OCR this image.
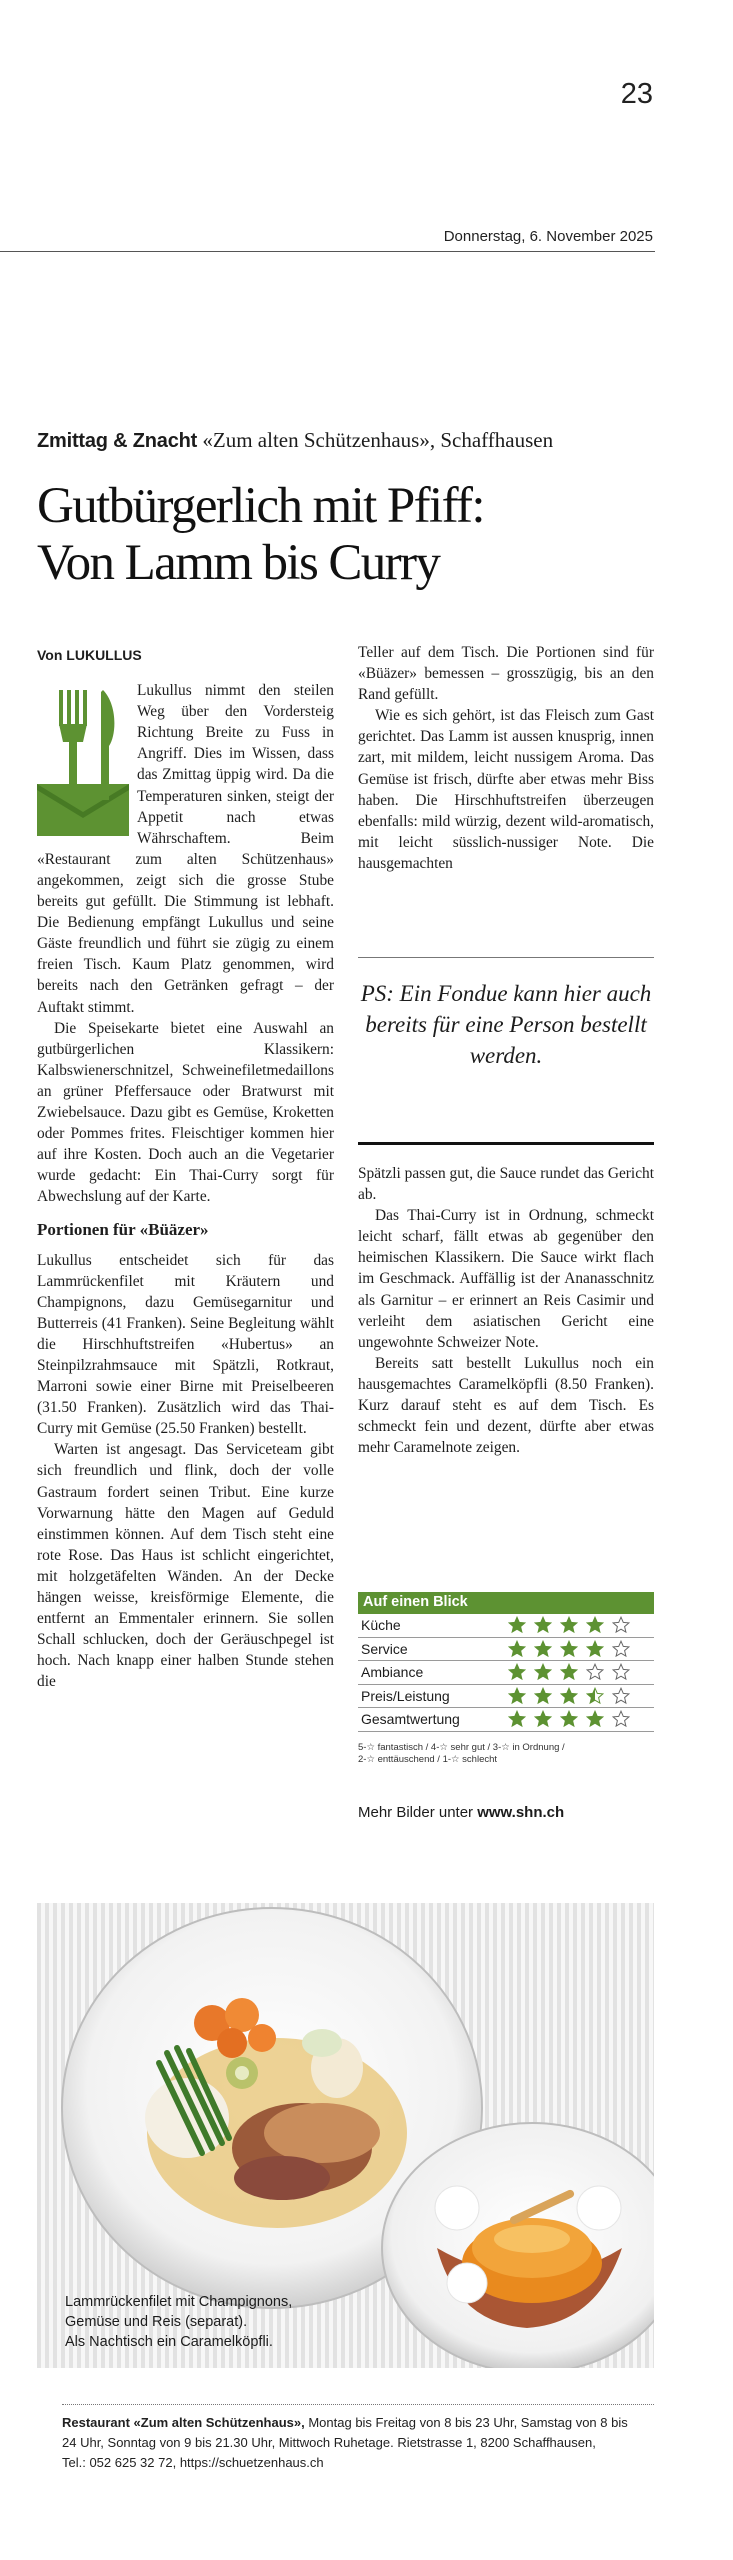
23
Donnerstag, 6. November 2025
Zmittag & Znacht «Zum alten Schützenhaus», Schaffhausen
Gutbürgerlich mit Pfiff:
Von Lamm bis Curry
Von LUKULLUS

Lukullus nimmt den steilen Weg über den Vordersteig Richtung Breite zu Fuss in Angriff. Dies im Wissen, dass das Zmittag üppig wird. Da die Temperaturen sinken, steigt der Appetit nach etwas Währschaftem. Beim «Restaurant zum alten Schützenhaus» angekommen, zeigt sich die grosse Stube bereits gut gefüllt. Die Stimmung ist lebhaft. Die Bedienung empfängt Lukullus und seine Gäste freundlich und führt sie zügig zu einem freien Tisch. Kaum Platz genommen, wird bereits nach den Getränken gefragt – der Auftakt stimmt.

Die Speisekarte bietet eine Auswahl an gutbürgerlichen Klassikern: Kalbswienerschnitzel, Schweinefiletmedaillons an grüner Pfeffersauce oder Bratwurst mit Zwiebelsauce. Dazu gibt es Gemüse, Kroketten oder Pommes frites. Fleischtiger kommen hier auf ihre Kosten. Doch auch an die Vegetarier wurde gedacht: Ein Thai-Curry sorgt für Abwechslung auf der Karte.

Portionen für «Büäzer»

Lukullus entscheidet sich für das Lammrückenfilet mit Kräutern und Champignons, dazu Gemüsegarnitur und Butterreis (41 Franken). Seine Begleitung wählt die Hirschhuftstreifen «Hubertus» an Steinpilzrahmsauce mit Spätzli, Rotkraut, Marroni sowie einer Birne mit Preiselbeeren (31.50 Franken). Zusätzlich wird das Thai-Curry mit Gemüse (25.50 Franken) bestellt.

Warten ist angesagt. Das Serviceteam gibt sich freundlich und flink, doch der volle Gastraum fordert seinen Tribut. Eine kurze Vorwarnung hätte den Magen auf Geduld einstimmen können. Auf dem Tisch steht eine rote Rose. Das Haus ist schlicht eingerichtet, mit holzgetäfelten Wänden. An der Decke hängen weisse, kreisförmige Elemente, die entfernt an Emmentaler erinnern. Sie sollen Schall schlucken, doch der Geräuschpegel ist hoch. Nach knapp einer halben Stunde stehen die

Teller auf dem Tisch. Die Portionen sind für «Büäzer» bemessen – grosszügig, bis an den Rand gefüllt.

Wie es sich gehört, ist das Fleisch zum Gast gerichtet. Das Lamm ist aussen knusprig, innen zart, mit mildem, leicht nussigem Aroma. Das Gemüse ist frisch, dürfte aber etwas mehr Biss haben. Die Hirschhuftstreifen überzeugen ebenfalls: mild würzig, dezent wild-aromatisch, mit leicht süsslich-nussiger Note. Die hausgemachten

PS: Ein Fondue kann hier auch bereits für eine Person bestellt werden.

Spätzli passen gut, die Sauce rundet das Gericht ab.

Das Thai-Curry ist in Ordnung, schmeckt leicht scharf, fällt etwas ab gegenüber den heimischen Klassikern. Die Sauce wirkt flach im Geschmack. Auffällig ist der Ananasschnitz als Garnitur – er erinnert an Reis Casimir und verleiht dem asiatischen Gericht eine ungewohnte Schweizer Note.

Bereits satt bestellt Lukullus noch ein hausgemachtes Caramelköpfli (8.50 Franken). Kurz darauf steht es auf dem Tisch. Es schmeckt fein und dezent, dürfte aber etwas mehr Caramelnote zeigen.

Auf einen Blick
Küche
Service
Ambiance
Preis/Leistung
Gesamtwertung
5-☆ fantastisch / 4-☆ sehr gut / 3-☆ in Ordnung /
2-☆ enttäuschend / 1-☆ schlecht
Mehr Bilder unter www.shn.ch
Lammrückenfilet mit Champignons,
Gemüse und Reis (separat).
Als Nachtisch ein Caramelköpfli.
Restaurant «Zum alten Schützenhaus», Montag bis Freitag von 8 bis 23 Uhr, Samstag von 8 bis
24 Uhr, Sonntag von 9 bis 21.30 Uhr, Mittwoch Ruhetage. Rietstrasse 1, 8200 Schaffhausen,
Tel.: 052 625 32 72, https://schuetzenhaus.ch
